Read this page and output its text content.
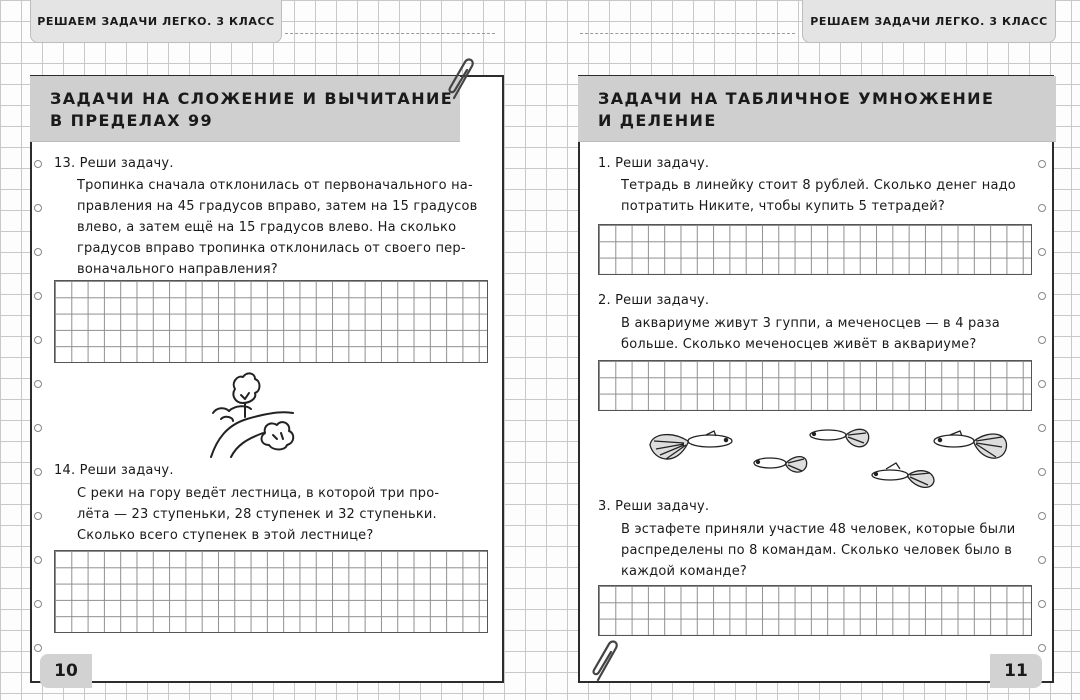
РЕШАЕМ ЗАДАЧИ ЛЕГКО. 3 КЛАСС	РЕШАЕМ ЗАДАЧИ ЛЕГКО. 3 КЛАСС
ЗАДАЧИ НА СЛОЖЕНИЕ И ВЫЧИТАНИЕ
В ПРЕДЕЛАХ 99
13. Реши задачу.
Тропинка сначала отклонилась от первоначального на-
правления на 45 градусов вправо, затем на 15 градусов
влево, а затем ещё на 15 градусов влево. На сколько
градусов вправо тропинка отклонилась от своего пер-
воначального направления?
14. Реши задачу.
С реки на гору ведёт лестница, в которой три про-
лёта — 23 ступеньки, 28 ступенек и 32 ступеньки.
Сколько всего ступенек в этой лестнице?
10
ЗАДАЧИ НА ТАБЛИЧНОЕ УМНОЖЕНИЕ
И ДЕЛЕНИЕ
1. Реши задачу.
Тетрадь в линейку стоит 8 рублей. Сколько денег надо
потратить Никите, чтобы купить 5 тетрадей?
2. Реши задачу.
В аквариуме живут 3 гуппи, а меченосцев — в 4 раза
больше. Сколько меченосцев живёт в аквариуме?
3. Реши задачу.
В эстафете приняли участие 48 человек, которые были
распределены по 8 командам. Сколько человек было в
каждой команде?
11
